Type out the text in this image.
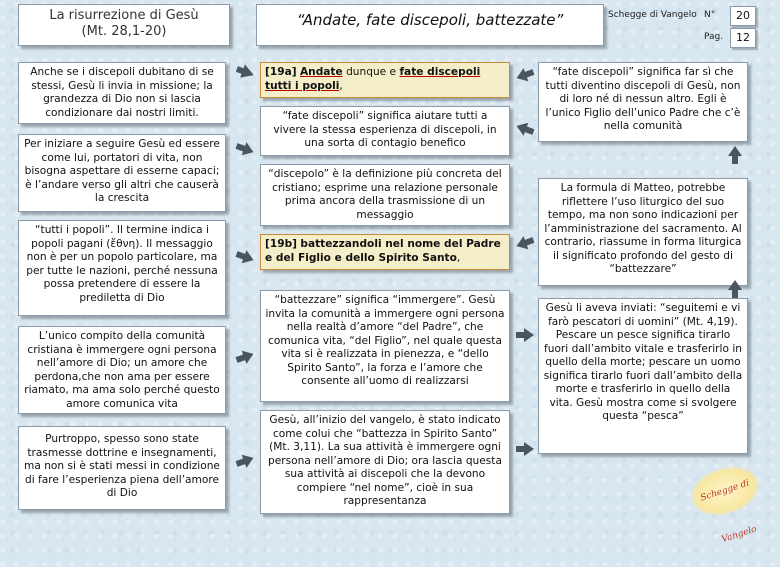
La risurrezione di Gesù
(Mt. 28,1-20)
“Andate, fate discepoli, battezzate”	Schegge di Vangelo N°	20
Pag.	12
Anche se i discepoli dubitano di se stessi, Gesù li invia in missione; la grandezza di Dio non si lascia condizionare dai nostri limiti.
Per iniziare a seguire Gesù ed essere come lui, portatori di vita, non bisogna aspettare di esserne capaci; è l’andare verso gli altri che causerà la crescita
“tutti i popoli”. Il termine indica i popoli pagani (ἔθνη). Il messaggio non è per un popolo particolare, ma per tutte le nazioni, perché nessuna possa pretendere di essere la prediletta di Dio
L’unico compito della comunità cristiana è immergere ogni persona nell’amore di Dio; un amore che perdona,che non ama per essere riamato, ma ama solo perché questo amore comunica vita
Purtroppo, spesso sono state trasmesse dottrine e insegnamenti, ma non si è stati messi in condizione di fare l’esperienza piena dell’amore di Dio
[19a] Andate dunque e fate discepoli tutti i popoli,
“fate discepoli” significa aiutare tutti a vivere la stessa esperienza di discepoli, in una sorta di contagio benefico
“discepolo” è la definizione più concreta del cristiano; esprime una relazione personale prima ancora della trasmissione di un messaggio
[19b] battezzandoli nel nome del Padre e del Figlio e dello Spirito Santo,
“battezzare” significa “immergere”. Gesù invita la comunità a immergere ogni persona nella realtà d’amore “del Padre”, che comunica vita, “del Figlio”, nel quale questa vita si è realizzata in pienezza, e “dello Spirito Santo”, la forza e l’amore che consente all’uomo di realizzarsi
Gesù, all’inizio del vangelo, è stato indicato come colui che “battezza in Spirito Santo” (Mt. 3,11). La sua attività è immergere ogni persona nell’amore di Dio; ora lascia questa sua attività ai discepoli che la devono compiere “nel nome”, cioè in sua rappresentanza
“fate discepoli” significa far sì che tutti diventino discepoli di Gesù, non di loro né di nessun altro. Egli è l’unico Figlio dell’unico Padre che c’è nella comunità
La formula di Matteo, potrebbe riflettere l’uso liturgico del suo tempo, ma non sono indicazioni per l’amministrazione del sacramento. Al contrario, riassume in forma liturgica il significato profondo del gesto di “battezzare”
Gesù li aveva inviati: “seguitemi e vi farò pescatori di uomini” (Mt. 4,19). Pescare un pesce significa tirarlo fuori dall’ambito vitale e trasferirlo in quello della morte; pescare un uomo significa tirarlo fuori dall’ambito della morte e trasferirlo in quello della vita. Gesù mostra come si svolgere questa “pesca”
Schegge di Vangelo
